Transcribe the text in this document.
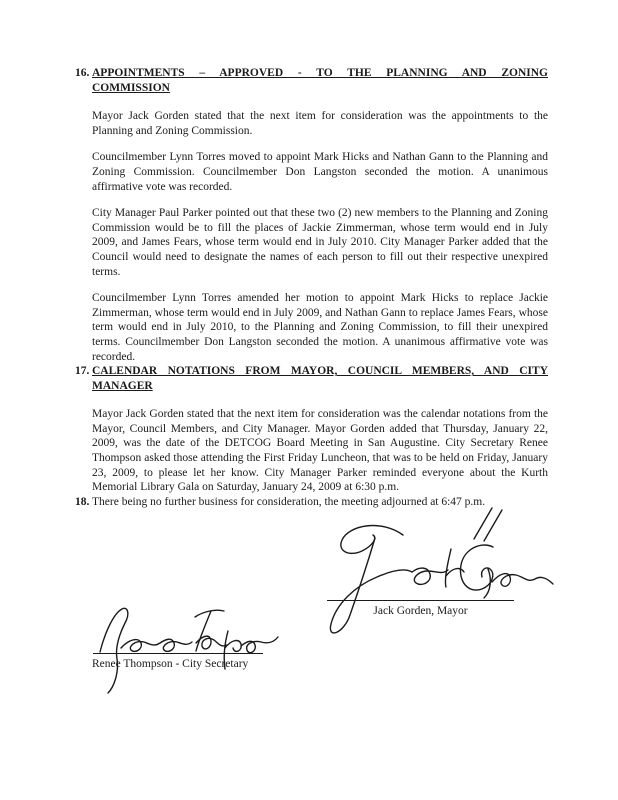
16. APPOINTMENTS – APPROVED - TO THE PLANNING AND ZONING
COMMISSION

Mayor Jack Gorden stated that the next item for consideration was the appointments to the Planning and Zoning Commission.

Councilmember Lynn Torres moved to appoint Mark Hicks and Nathan Gann to the Planning and Zoning Commission. Councilmember Don Langston seconded the motion. A unanimous affirmative vote was recorded.

City Manager Paul Parker pointed out that these two (2) new members to the Planning and Zoning Commission would be to fill the places of Jackie Zimmerman, whose term would end in July 2009, and James Fears, whose term would end in July 2010. City Manager Parker added that the Council would need to designate the names of each person to fill out their respective unexpired terms.

Councilmember Lynn Torres amended her motion to appoint Mark Hicks to replace Jackie Zimmerman, whose term would end in July 2009, and Nathan Gann to replace James Fears, whose term would end in July 2010, to the Planning and Zoning Commission, to fill their unexpired terms. Councilmember Don Langston seconded the motion. A unanimous affirmative vote was recorded.

17. CALENDAR NOTATIONS FROM MAYOR, COUNCIL MEMBERS, AND CITY
MANAGER

Mayor Jack Gorden stated that the next item for consideration was the calendar notations from the Mayor, Council Members, and City Manager. Mayor Gorden added that Thursday, January 22, 2009, was the date of the DETCOG Board Meeting in San Augustine. City Secretary Renee Thompson asked those attending the First Friday Luncheon, that was to be held on Friday, January 23, 2009, to please let her know. City Manager Parker reminded everyone about the Kurth Memorial Library Gala on Saturday, January 24, 2009 at 6:30 p.m.

18. There being no further business for consideration, the meeting adjourned at 6:47 p.m.

Jack Gorden, Mayor
Renee Thompson - City Secretary
